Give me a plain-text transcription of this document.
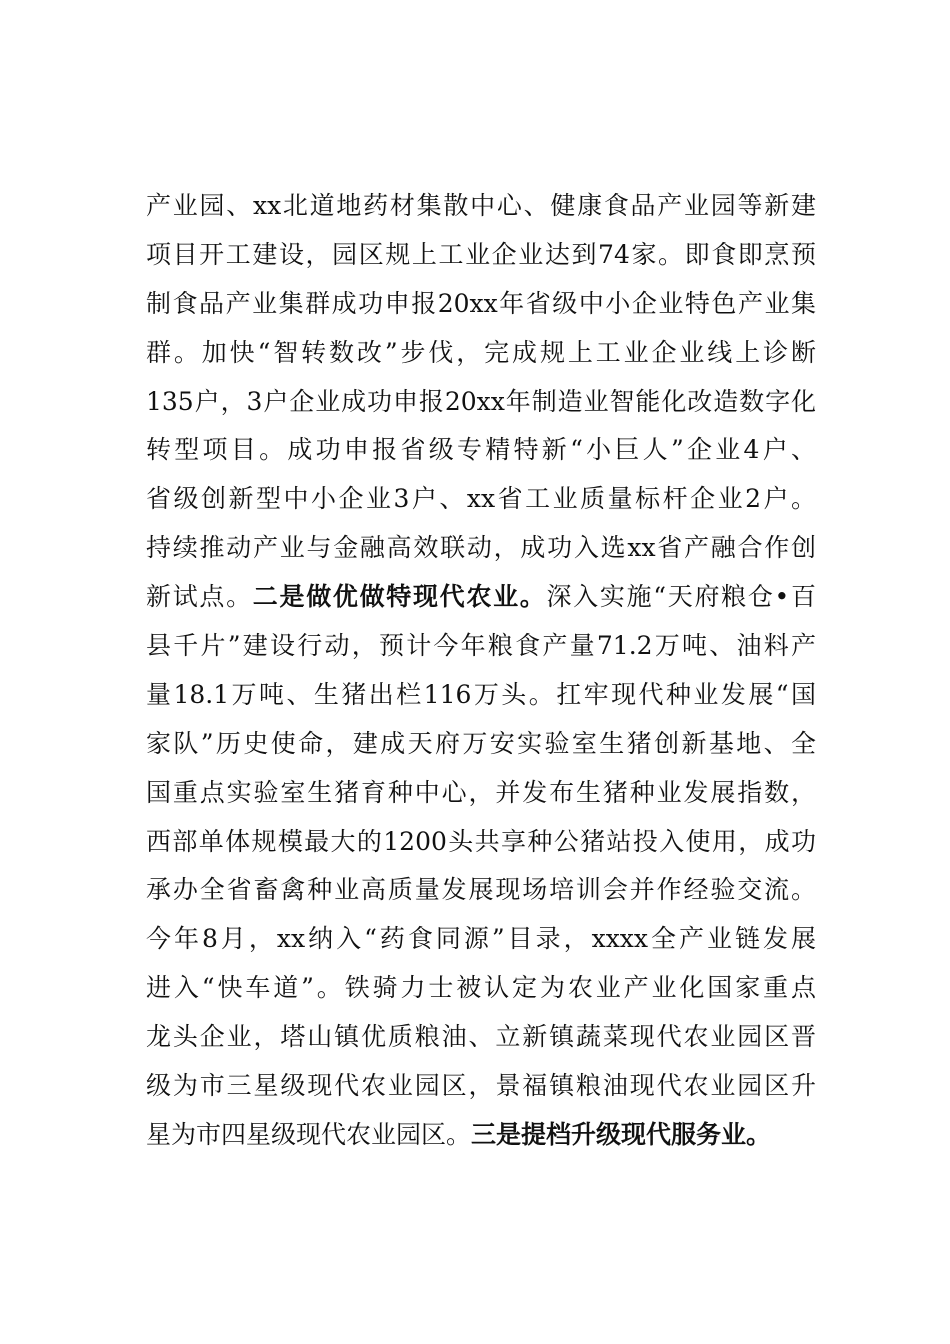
产业园、xx北道地药材集散中心、健康食品产业园等新建
项目开工建设，园区规上工业企业达到74家。即食即烹预
制食品产业集群成功申报20xx年省级中小企业特色产业集
群。加快“智转数改”步伐，完成规上工业企业线上诊断
135户，3户企业成功申报20xx年制造业智能化改造数字化
转型项目。成功申报省级专精特新“小巨人”企业4户、
省级创新型中小企业3户、xx省工业质量标杆企业2户。
持续推动产业与金融高效联动，成功入选xx省产融合作创
新试点。二是做优做特现代农业。深入实施“天府粮仓•百
县千片”建设行动，预计今年粮食产量71.2万吨、油料产
量18.1万吨、生猪出栏116万头。扛牢现代种业发展“国
家队”历史使命，建成天府万安实验室生猪创新基地、全
国重点实验室生猪育种中心，并发布生猪种业发展指数，
西部单体规模最大的1200头共享种公猪站投入使用，成功
承办全省畜禽种业高质量发展现场培训会并作经验交流。
今年8月，xx纳入“药食同源”目录，xxxx全产业链发展
进入“快车道”。铁骑力士被认定为农业产业化国家重点
龙头企业，塔山镇优质粮油、立新镇蔬菜现代农业园区晋
级为市三星级现代农业园区，景福镇粮油现代农业园区升
星为市四星级现代农业园区。三是提档升级现代服务业。
